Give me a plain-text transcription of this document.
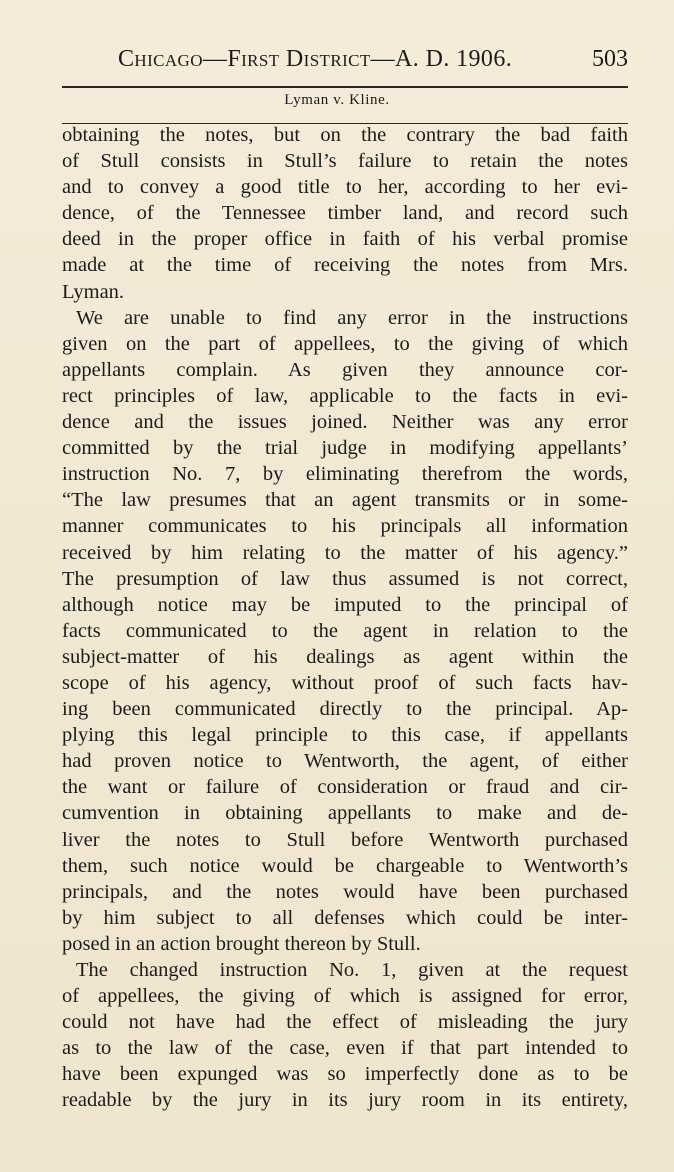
Chicago—First District—A. D. 1906.	503
Lyman v. Kline.
obtaining the notes, but on the contrary the bad faith
of Stull consists in Stull’s failure to retain the notes
and to convey a good title to her, according to her evi-
dence, of the Tennessee timber land, and record such
deed in the proper office in faith of his verbal promise
made at the time of receiving the notes from Mrs.
Lyman.
We are unable to find any error in the instructions
given on the part of appellees, to the giving of which
appellants complain. As given they announce cor-
rect principles of law, applicable to the facts in evi-
dence and the issues joined. Neither was any error
committed by the trial judge in modifying appellants’
instruction No. 7, by eliminating therefrom the words,
“The law presumes that an agent transmits or in some-
manner communicates to his principals all information
received by him relating to the matter of his agency.”
The presumption of law thus assumed is not correct,
although notice may be imputed to the principal of
facts communicated to the agent in relation to the
subject-matter of his dealings as agent within the
scope of his agency, without proof of such facts hav-
ing been communicated directly to the principal. Ap-
plying this legal principle to this case, if appellants
had proven notice to Wentworth, the agent, of either
the want or failure of consideration or fraud and cir-
cumvention in obtaining appellants to make and de-
liver the notes to Stull before Wentworth purchased
them, such notice would be chargeable to Wentworth’s
principals, and the notes would have been purchased
by him subject to all defenses which could be inter-
posed in an action brought thereon by Stull.
The changed instruction No. 1, given at the request
of appellees, the giving of which is assigned for error,
could not have had the effect of misleading the jury
as to the law of the case, even if that part intended to
have been expunged was so imperfectly done as to be
readable by the jury in its jury room in its entirety,
